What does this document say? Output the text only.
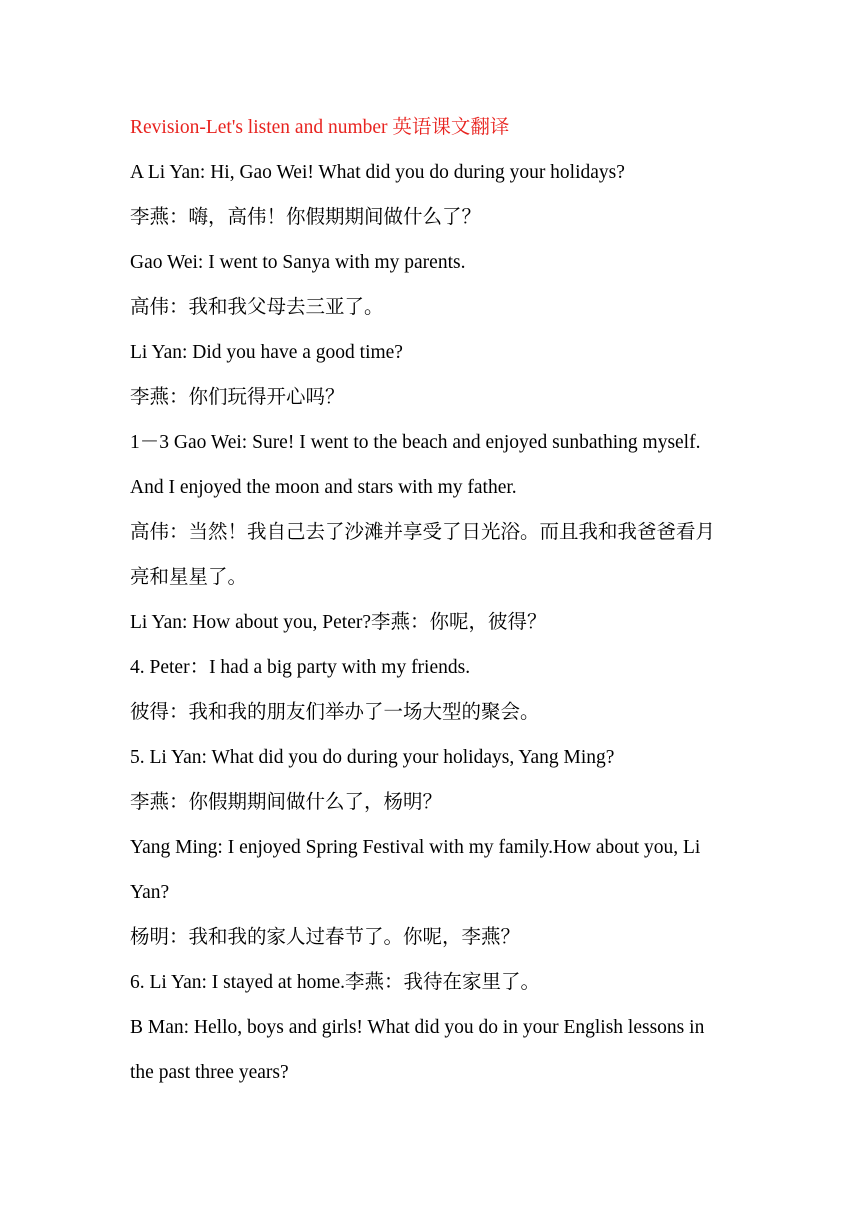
Revision-Let's listen and number 英语课文翻译
A Li Yan: Hi, Gao Wei! What did you do during your holidays?
李燕：嗨，高伟！你假期期间做什么了？
Gao Wei: I went to Sanya with my parents.
高伟：我和我父母去三亚了。
Li Yan: Did you have a good time?
李燕：你们玩得开心吗？
1－3 Gao Wei: Sure! I went to the beach and enjoyed sunbathing myself.
And I enjoyed the moon and stars with my father.
高伟：当然！我自己去了沙滩并享受了日光浴。而且我和我爸爸看月
亮和星星了。
Li Yan: How about you, Peter?李燕：你呢，彼得？
4. Peter：I had a big party with my friends.
彼得：我和我的朋友们举办了一场大型的聚会。
5. Li Yan: What did you do during your holidays, Yang Ming?
李燕：你假期期间做什么了，杨明？
Yang Ming: I enjoyed Spring Festival with my family.How about you, Li
Yan?
杨明：我和我的家人过春节了。你呢，李燕？
6. Li Yan: I stayed at home.李燕：我待在家里了。
B Man: Hello, boys and girls! What did you do in your English lessons in
the past three years?
